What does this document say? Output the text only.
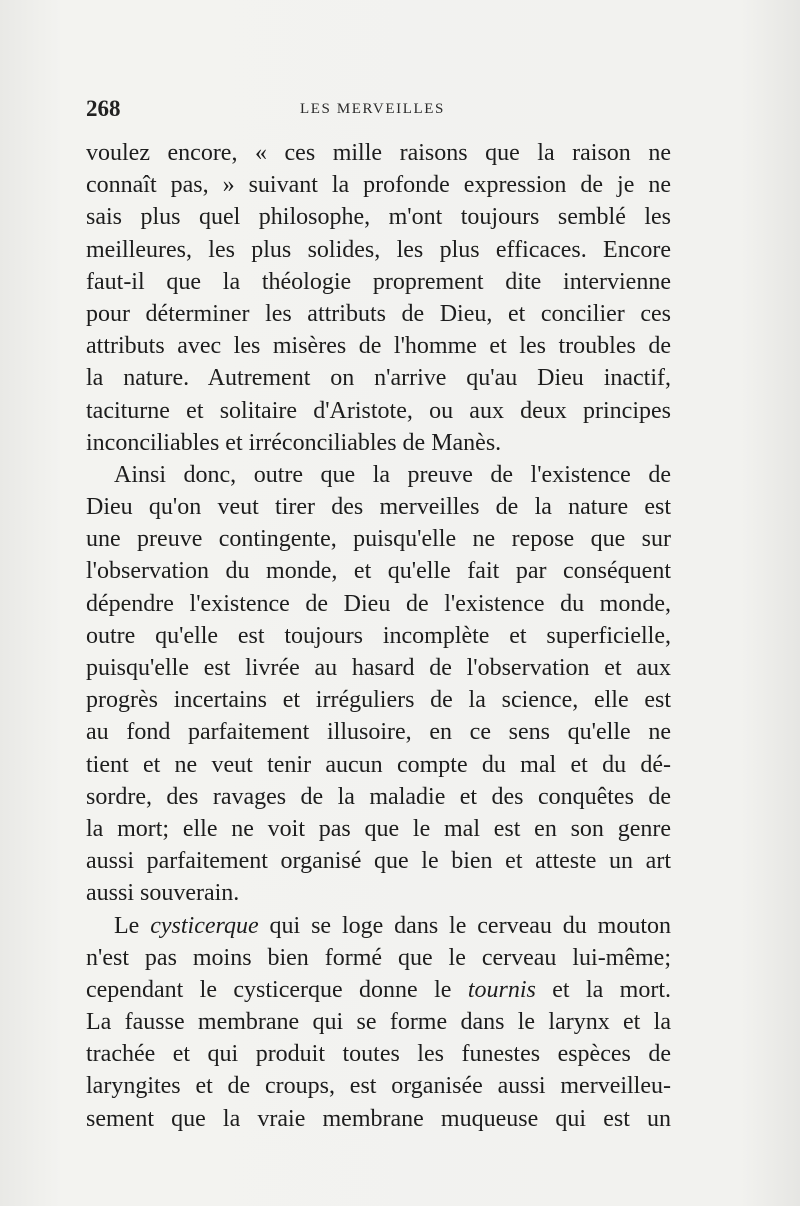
268	LES MERVEILLES
voulez encore, « ces mille raisons que la raison ne
connaît pas, » suivant la profonde expression de je ne
sais plus quel philosophe, m'ont toujours semblé les
meilleures, les plus solides, les plus efficaces. Encore
faut-il que la théologie proprement dite intervienne
pour déterminer les attributs de Dieu, et concilier ces
attributs avec les misères de l'homme et les troubles de
la nature. Autrement on n'arrive qu'au Dieu inactif,
taciturne et solitaire d'Aristote, ou aux deux principes
inconciliables et irréconciliables de Manès.
Ainsi donc, outre que la preuve de l'existence de
Dieu qu'on veut tirer des merveilles de la nature est
une preuve contingente, puisqu'elle ne repose que sur
l'observation du monde, et qu'elle fait par conséquent
dépendre l'existence de Dieu de l'existence du monde,
outre qu'elle est toujours incomplète et superficielle,
puisqu'elle est livrée au hasard de l'observation et aux
progrès incertains et irréguliers de la science, elle est
au fond parfaitement illusoire, en ce sens qu'elle ne
tient et ne veut tenir aucun compte du mal et du dé-
sordre, des ravages de la maladie et des conquêtes de
la mort; elle ne voit pas que le mal est en son genre
aussi parfaitement organisé que le bien et atteste un art
aussi souverain.
Le cysticerque qui se loge dans le cerveau du mouton
n'est pas moins bien formé que le cerveau lui-même;
cependant le cysticerque donne le tournis et la mort.
La fausse membrane qui se forme dans le larynx et la
trachée et qui produit toutes les funestes espèces de
laryngites et de croups, est organisée aussi merveilleu-
sement que la vraie membrane muqueuse qui est un
